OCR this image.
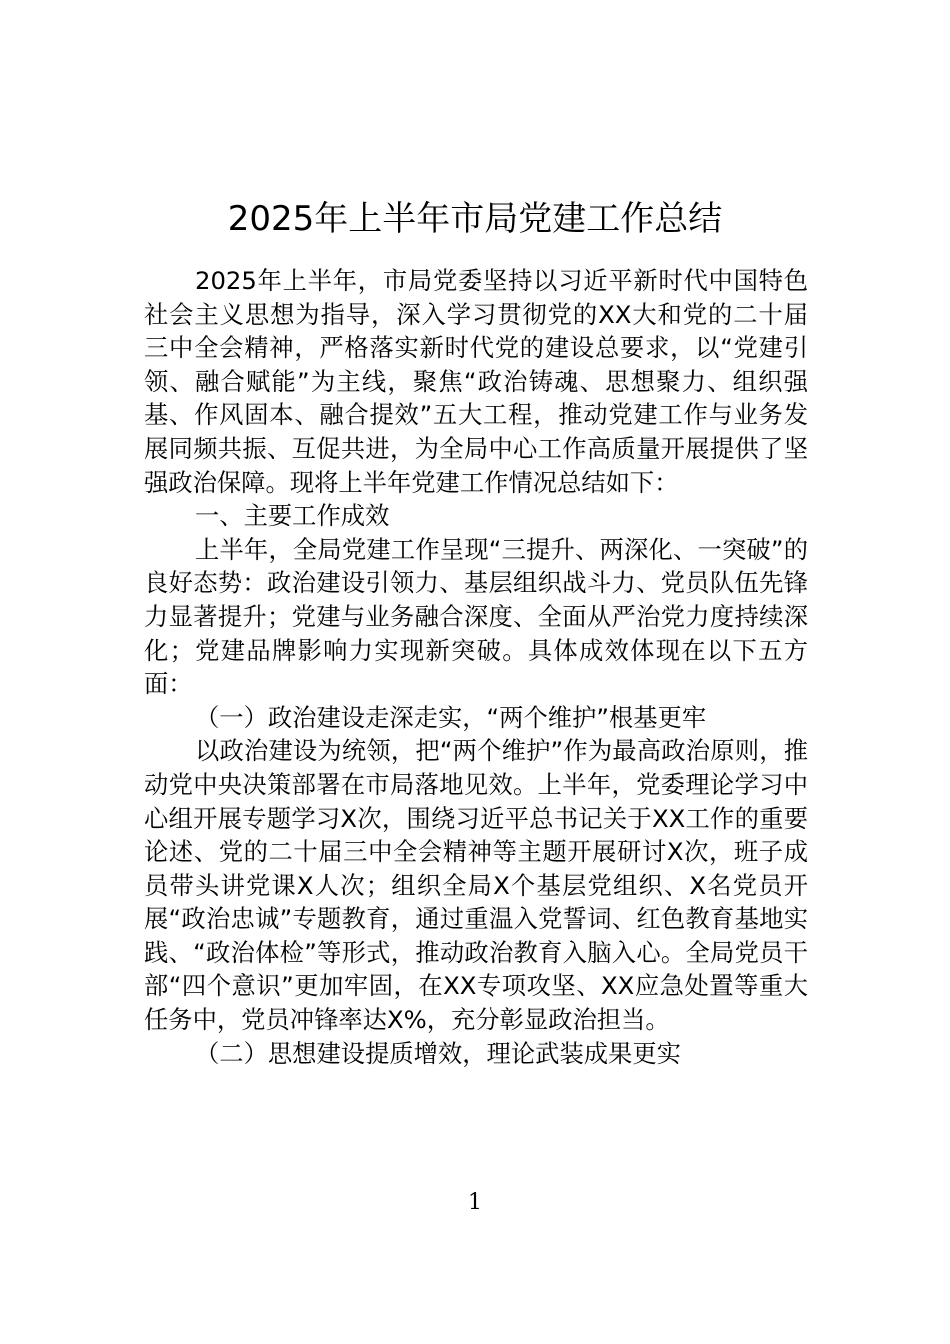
2025年上半年市局党建工作总结

2025年上半年，市局党委坚持以习近平新时代中国特色社会主义思想为指导，深入学习贯彻党的XX大和党的二十届三中全会精神，严格落实新时代党的建设总要求，以“党建引领、融合赋能”为主线，聚焦“政治铸魂、思想聚力、组织强基、作风固本、融合提效”五大工程，推动党建工作与业务发展同频共振、互促共进，为全局中心工作高质量开展提供了坚强政治保障。现将上半年党建工作情况总结如下：

一、主要工作成效

上半年，全局党建工作呈现“三提升、两深化、一突破”的良好态势：政治建设引领力、基层组织战斗力、党员队伍先锋力显著提升；党建与业务融合深度、全面从严治党力度持续深化；党建品牌影响力实现新突破。具体成效体现在以下五方面：

（一）政治建设走深走实，“两个维护”根基更牢

以政治建设为统领，把“两个维护”作为最高政治原则，推动党中央决策部署在市局落地见效。上半年，党委理论学习中心组开展专题学习X次，围绕习近平总书记关于XX工作的重要论述、党的二十届三中全会精神等主题开展研讨X次，班子成员带头讲党课X人次；组织全局X个基层党组织、X名党员开展“政治忠诚”专题教育，通过重温入党誓词、红色教育基地实践、“政治体检”等形式，推动政治教育入脑入心。全局党员干部“四个意识”更加牢固，在XX专项攻坚、XX应急处置等重大任务中，党员冲锋率达X%，充分彰显政治担当。

（二）思想建设提质增效，理论武装成果更实

1
